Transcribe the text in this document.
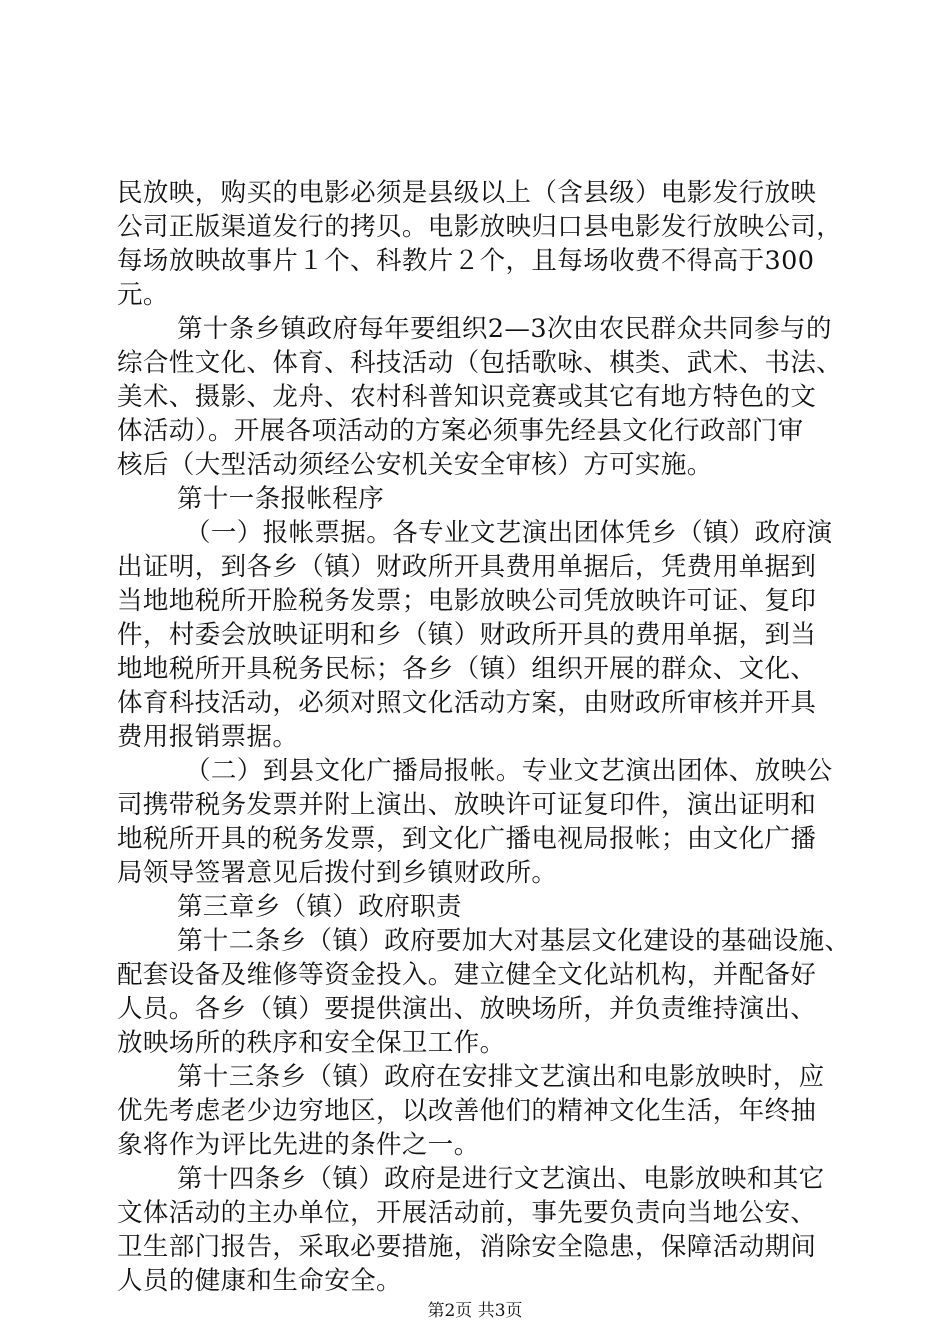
民放映，购买的电影必须是县级以上（含县级）电影发行放映
公司正版渠道发行的拷贝。电影放映归口县电影发行放映公司，
每场放映故事片１个、科教片２个，且每场收费不得高于300
元。
第十条乡镇政府每年要组织2—3次由农民群众共同参与的
综合性文化、体育、科技活动（包括歌咏、棋类、武术、书法、
美术、摄影、龙舟、农村科普知识竞赛或其它有地方特色的文
体活动）。开展各项活动的方案必须事先经县文化行政部门审
核后（大型活动须经公安机关安全审核）方可实施。
第十一条报帐程序
（一）报帐票据。各专业文艺演出团体凭乡（镇）政府演
出证明，到各乡（镇）财政所开具费用单据后，凭费用单据到
当地地税所开脸税务发票；电影放映公司凭放映许可证、复印
件，村委会放映证明和乡（镇）财政所开具的费用单据，到当
地地税所开具税务民标；各乡（镇）组织开展的群众、文化、
体育科技活动，必须对照文化活动方案，由财政所审核并开具
费用报销票据。
（二）到县文化广播局报帐。专业文艺演出团体、放映公
司携带税务发票并附上演出、放映许可证复印件，演出证明和
地税所开具的税务发票，到文化广播电视局报帐；由文化广播
局领导签署意见后拨付到乡镇财政所。
第三章乡（镇）政府职责
第十二条乡（镇）政府要加大对基层文化建设的基础设施、
配套设备及维修等资金投入。建立健全文化站机构，并配备好
人员。各乡（镇）要提供演出、放映场所，并负责维持演出、
放映场所的秩序和安全保卫工作。
第十三条乡（镇）政府在安排文艺演出和电影放映时，应
优先考虑老少边穷地区，以改善他们的精神文化生活，年终抽
象将作为评比先进的条件之一。
第十四条乡（镇）政府是进行文艺演出、电影放映和其它
文体活动的主办单位，开展活动前，事先要负责向当地公安、
卫生部门报告，采取必要措施，消除安全隐患，保障活动期间
人员的健康和生命安全。
第2页 共3页
